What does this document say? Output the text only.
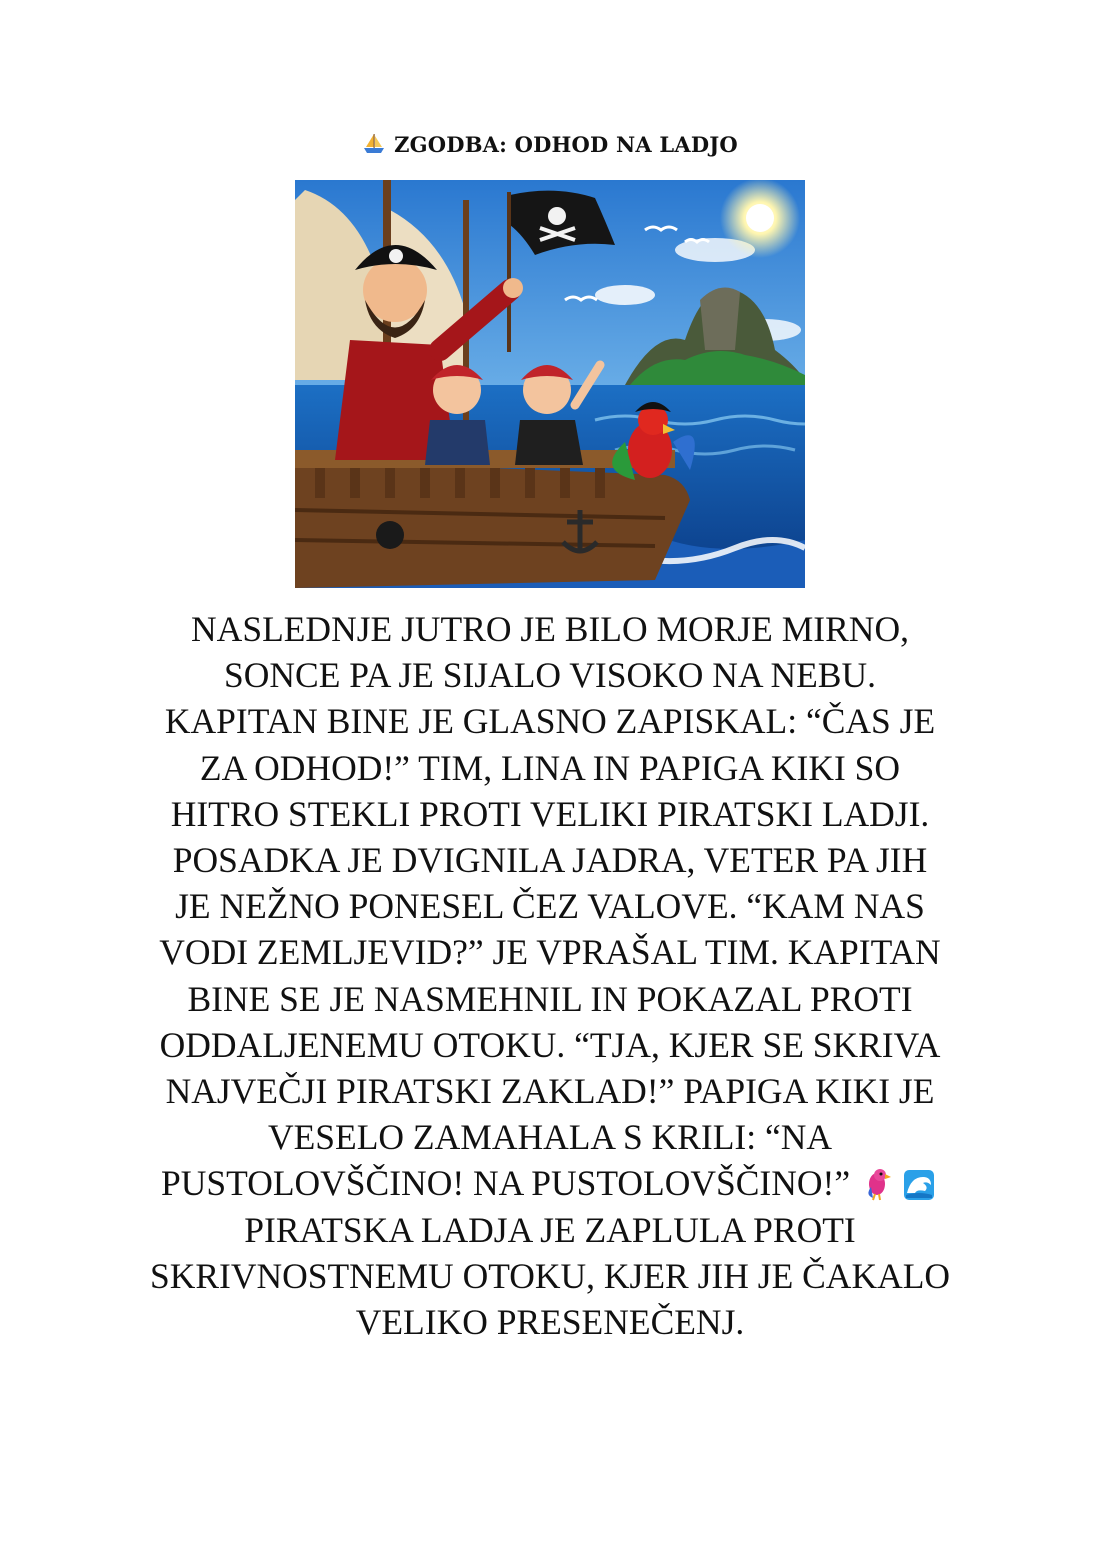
ZGODBA: ODHOD NA LADJO
NASLEDNJE JUTRO JE BILO MORJE MIRNO,
SONCE PA JE SIJALO VISOKO NA NEBU.
KAPITAN BINE JE GLASNO ZAPISKAL: “ČAS JE
ZA ODHOD!” TIM, LINA IN PAPIGA KIKI SO
HITRO STEKLI PROTI VELIKI PIRATSKI LADJI.
POSADKA JE DVIGNILA JADRA, VETER PA JIH
JE NEŽNO PONESEL ČEZ VALOVE. “KAM NAS
VODI ZEMLJEVID?” JE VPRAŠAL TIM. KAPITAN
BINE SE JE NASMEHNIL IN POKAZAL PROTI
ODDALJENEMU OTOKU. “TJA, KJER SE SKRIVA
NAJVEČJI PIRATSKI ZAKLAD!” PAPIGA KIKI JE
VESELO ZAMAHALA S KRILI: “NA
PUSTOLOVŠČINO! NA PUSTOLOVŠČINO!”
PIRATSKA LADJA JE ZAPLULA PROTI
SKRIVNOSTNEMU OTOKU, KJER JIH JE ČAKALO
VELIKO PRESENEČENJ.
